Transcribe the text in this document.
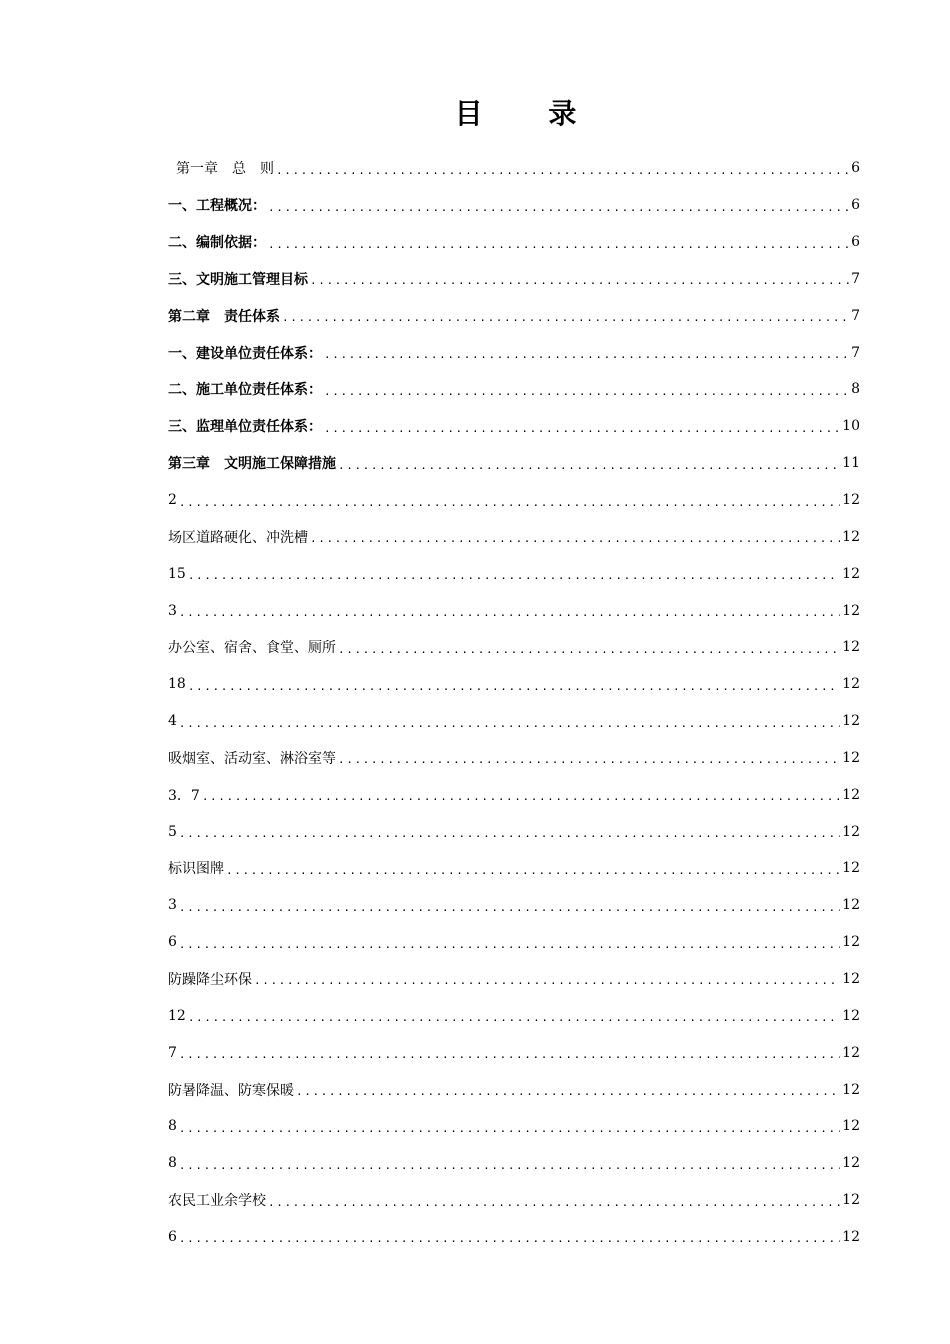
目 录
第一章　总　则 .....	6
一、工程概况： .....	6
二、编制依据： .....	6
三、文明施工管理目标 .....	7
第二章　责任体系 .....	7
一、建设单位责任体系： .....	7
二、施工单位责任体系： .....	8
三、监理单位责任体系： .....	10
第三章　文明施工保障措施 .....	11
2 .....	12
场区道路硬化、冲洗槽 .....	12
15 .....	12
3 .....	12
办公室、宿舍、食堂、厕所 .....	12
18 .....	12
4 .....	12
吸烟室、活动室、淋浴室等 .....	12
3．7 .....	12
5 .....	12
标识图牌 .....	12
3 .....	12
6 .....	12
防躁降尘环保 .....	12
12 .....	12
7 .....	12
防暑降温、防寒保暖 .....	12
8 .....	12
8 .....	12
农民工业余学校 .....	12
6 .....	12
